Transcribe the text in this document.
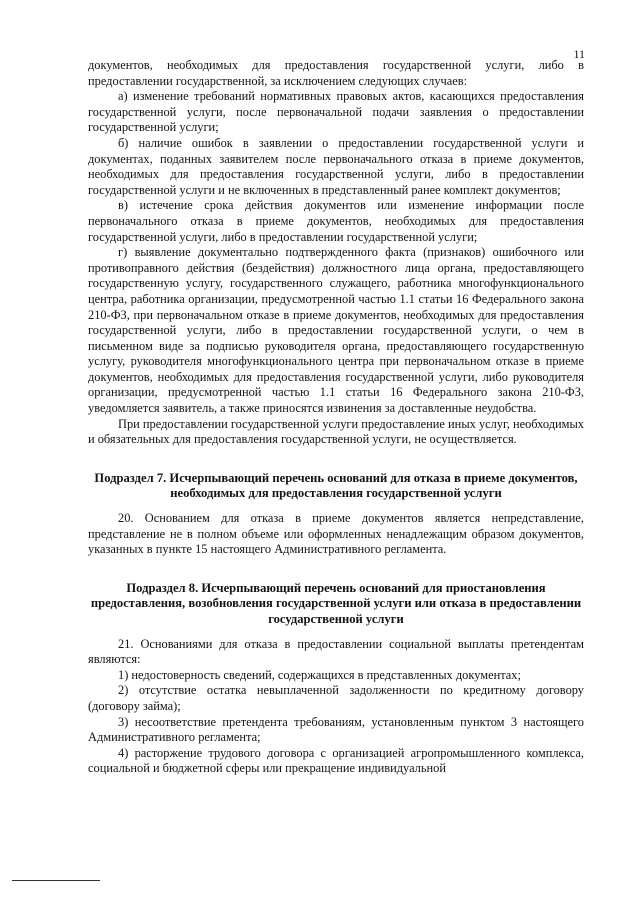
11

документов, необходимых для предоставления государственной услуги, либо в предоставлении государственной, за исключением следующих случаев:

а) изменение требований нормативных правовых актов, касающихся предоставления государственной услуги, после первоначальной подачи заявления о предоставлении государственной услуги;

б) наличие ошибок в заявлении о предоставлении государственной услуги и документах, поданных заявителем после первоначального отказа в приеме документов, необходимых для предоставления государственной услуги, либо в предоставлении государственной услуги и не включенных в представленный ранее комплект документов;

в) истечение срока действия документов или изменение информации после первоначального отказа в приеме документов, необходимых для предоставления государственной услуги, либо в предоставлении государственной услуги;

г) выявление документально подтвержденного факта (признаков) ошибочного или противоправного действия (бездействия) должностного лица органа, предоставляющего государственную услугу, государственного служащего, работника многофункционального центра, работника организации, предусмотренной частью 1.1 статьи 16 Федерального закона 210-ФЗ, при первоначальном отказе в приеме документов, необходимых для предоставления государственной услуги, либо в предоставлении государственной услуги, о чем в письменном виде за подписью руководителя органа, предоставляющего государственную услугу, руководителя многофункционального центра при первоначальном отказе в приеме документов, необходимых для предоставления государственной услуги, либо руководителя организации, предусмотренной частью 1.1 статьи 16 Федерального закона 210-ФЗ, уведомляется заявитель, а также приносятся извинения за доставленные неудобства.

При предоставлении государственной услуги предоставление иных услуг, необходимых и обязательных для предоставления государственной услуги, не осуществляется.

Подраздел 7. Исчерпывающий перечень оснований для отказа в приеме документов, необходимых для предоставления государственной услуги

20. Основанием для отказа в приеме документов является непредставление, представление не в полном объеме или оформленных ненадлежащим образом документов, указанных в пункте 15 настоящего Административного регламента.

Подраздел 8. Исчерпывающий перечень оснований для приостановления предоставления, возобновления государственной услуги или отказа в предоставлении государственной услуги

21. Основаниями для отказа в предоставлении социальной выплаты претендентам являются:

1) недостоверность сведений, содержащихся в представленных документах;

2) отсутствие остатка невыплаченной задолженности по кредитному договору (договору займа);

3) несоответствие претендента требованиям, установленным пунктом 3 настоящего Административного регламента;

4) расторжение трудового договора с организацией агропромышленного комплекса, социальной и бюджетной сферы или прекращение индивидуальной
